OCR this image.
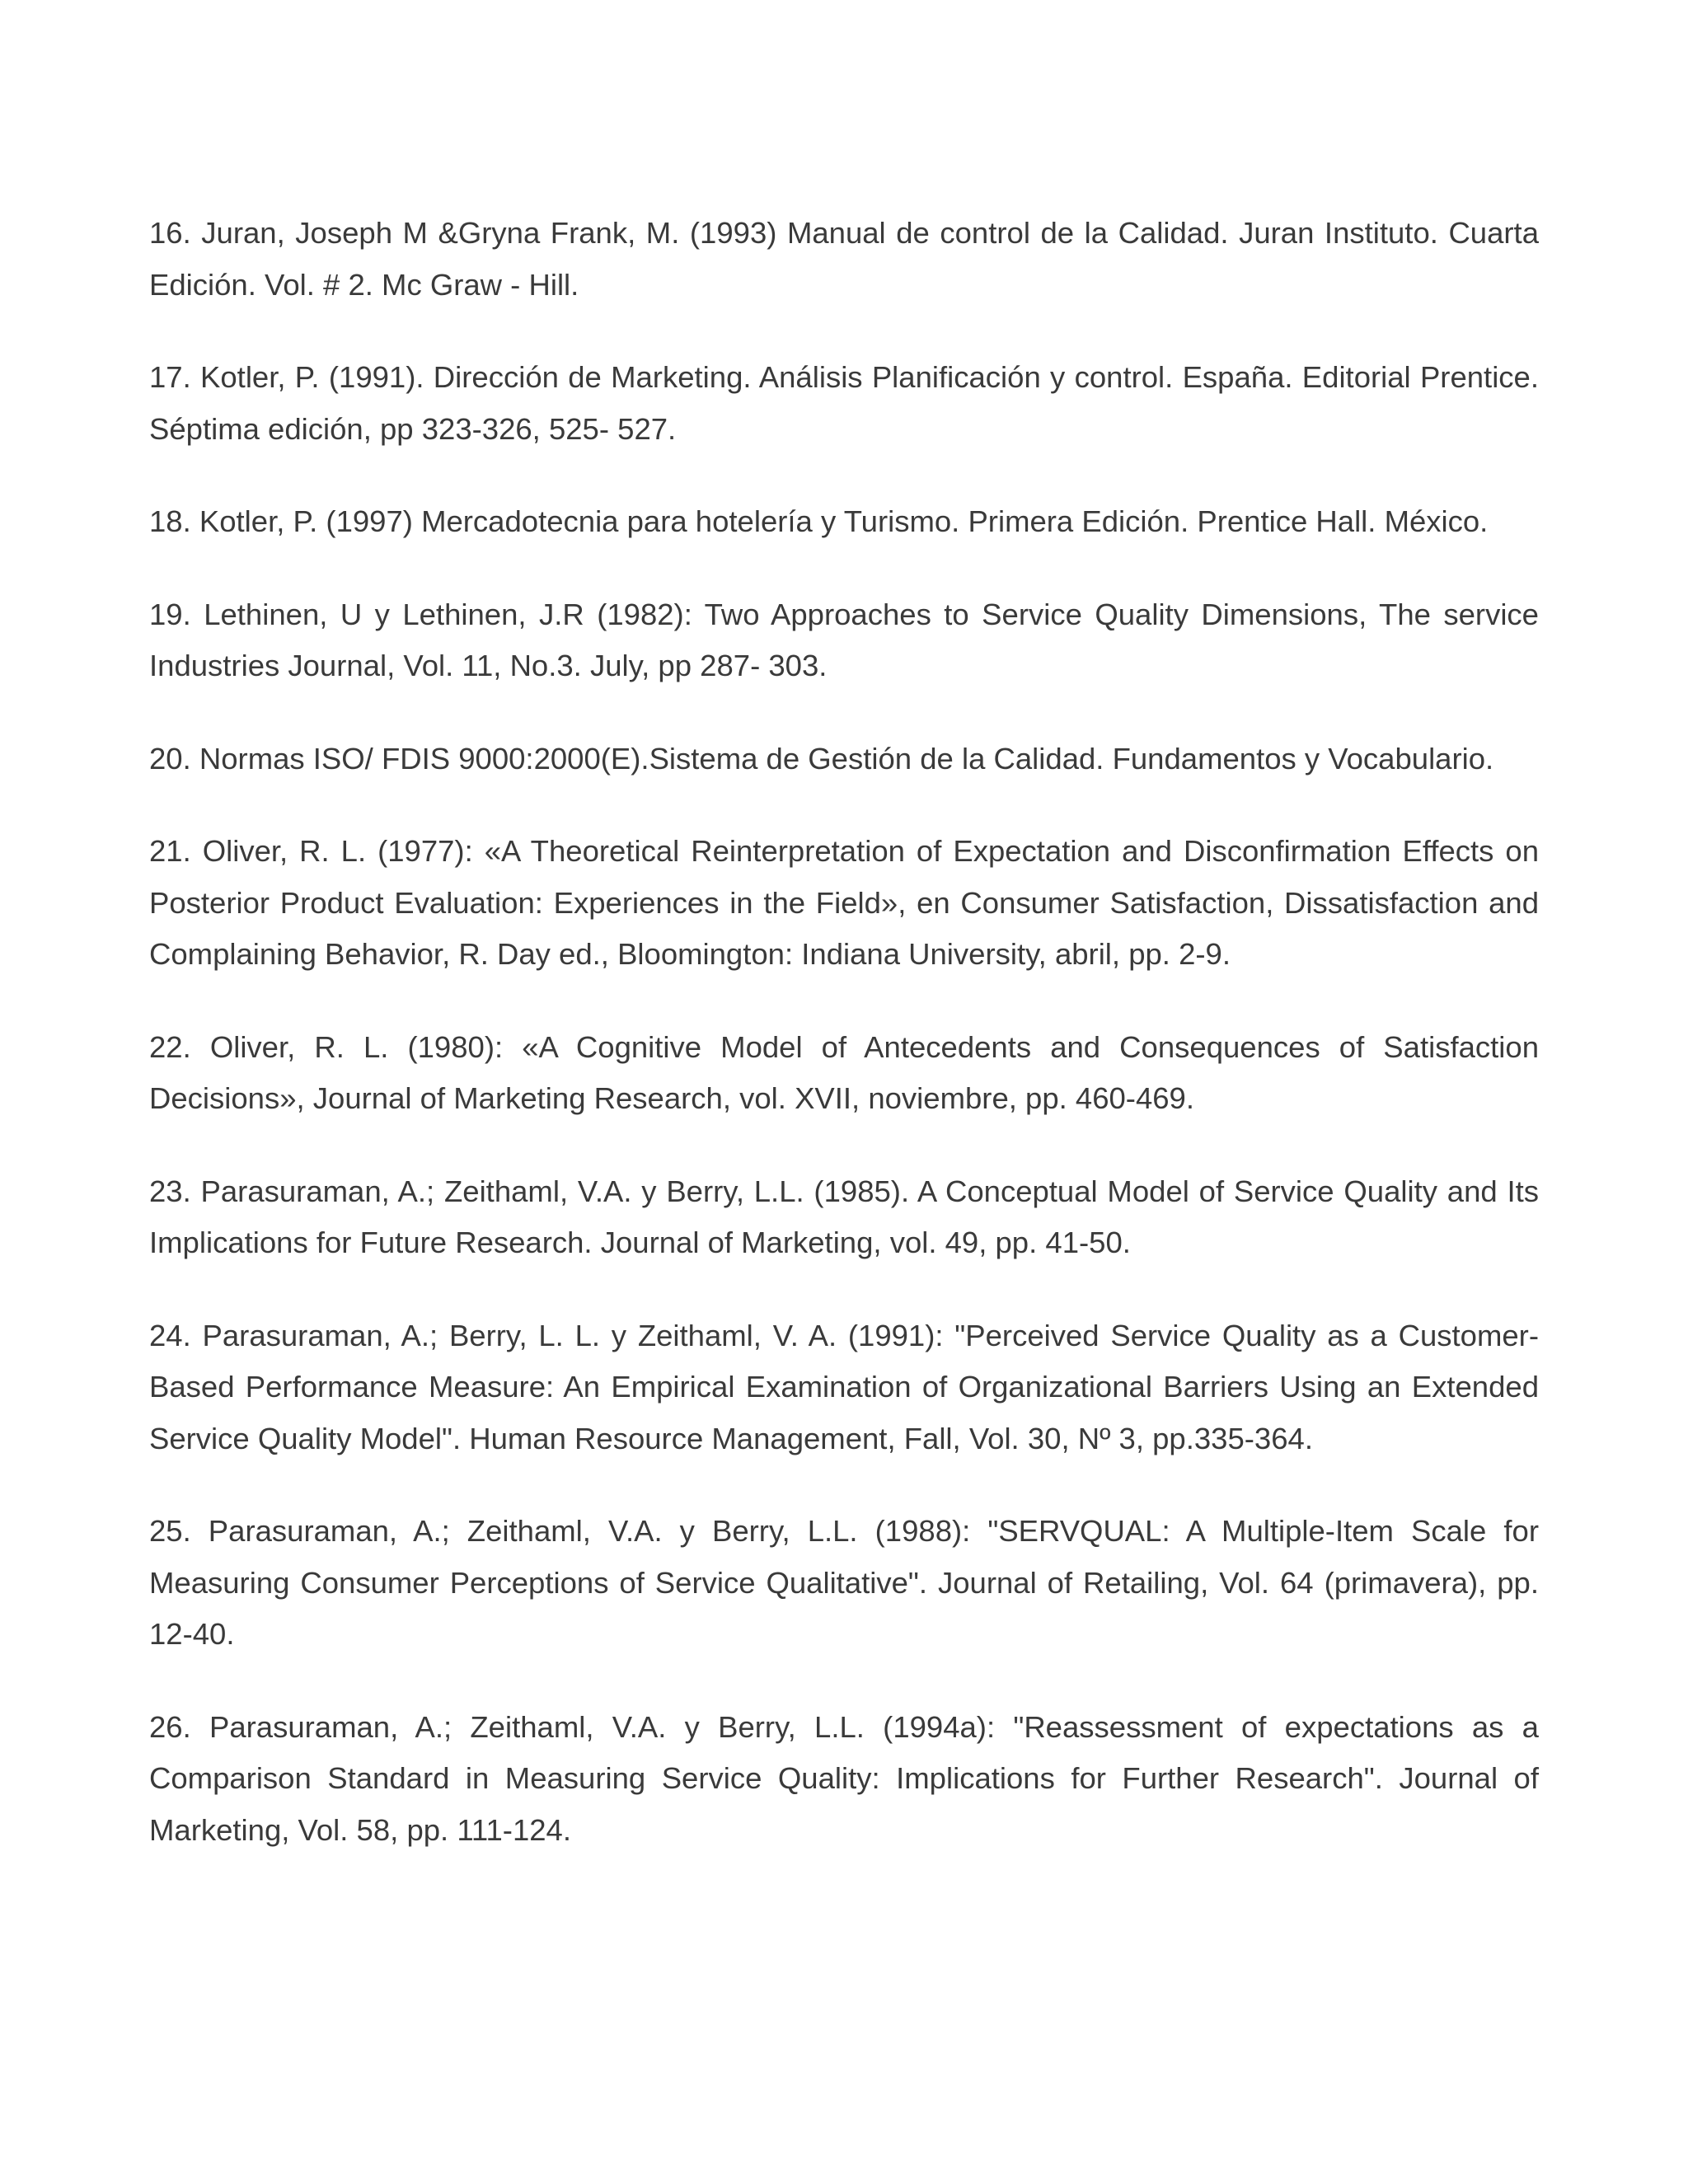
16. Juran, Joseph M &Gryna Frank, M. (1993) Manual de control de la Calidad. Juran Instituto. Cuarta Edición. Vol. # 2. Mc Graw - Hill.
17. Kotler, P. (1991). Dirección de Marketing. Análisis Planificación y control. España. Editorial Prentice. Séptima edición, pp 323-326, 525- 527.
18. Kotler, P. (1997) Mercadotecnia para hotelería y Turismo. Primera Edición. Prentice Hall. México.
19. Lethinen, U y Lethinen, J.R (1982): Two Approaches to Service Quality Dimensions, The service Industries Journal, Vol. 11, No.3. July, pp 287- 303.
20. Normas ISO/ FDIS 9000:2000(E).Sistema de Gestión de la Calidad. Fundamentos y Vocabulario.
21. Oliver, R. L. (1977): «A Theoretical Reinterpretation of Expectation and Disconfirmation Effects on Posterior Product Evaluation: Experiences in the Field», en Consumer Satisfaction, Dissatisfaction and Complaining Behavior, R. Day ed., Bloomington: Indiana University, abril, pp. 2-9.
22. Oliver, R. L. (1980): «A Cognitive Model of Antecedents and Consequences of Satisfaction Decisions», Journal of Marketing Research, vol. XVII, noviembre, pp. 460-469.
23. Parasuraman, A.; Zeithaml, V.A. y Berry, L.L. (1985). A Conceptual Model of Service Quality and Its Implications for Future Research. Journal of Marketing, vol. 49, pp. 41-50.
24. Parasuraman, A.; Berry, L. L. y Zeithaml, V. A. (1991): "Perceived Service Quality as a Customer-Based Performance Measure: An Empirical Examination of Organizational Barriers Using an Extended Service Quality Model". Human Resource Management, Fall, Vol. 30, Nº 3, pp.335-364.
25. Parasuraman, A.; Zeithaml, V.A. y Berry, L.L. (1988): "SERVQUAL: A Multiple-Item Scale for Measuring Consumer Perceptions of Service Qualitative". Journal of Retailing, Vol. 64 (primavera), pp. 12-40.
26. Parasuraman, A.; Zeithaml, V.A. y Berry, L.L. (1994a): "Reassessment of expectations as a Comparison Standard in Measuring Service Quality: Implications for Further Research". Journal of Marketing, Vol. 58, pp. 111-124.
